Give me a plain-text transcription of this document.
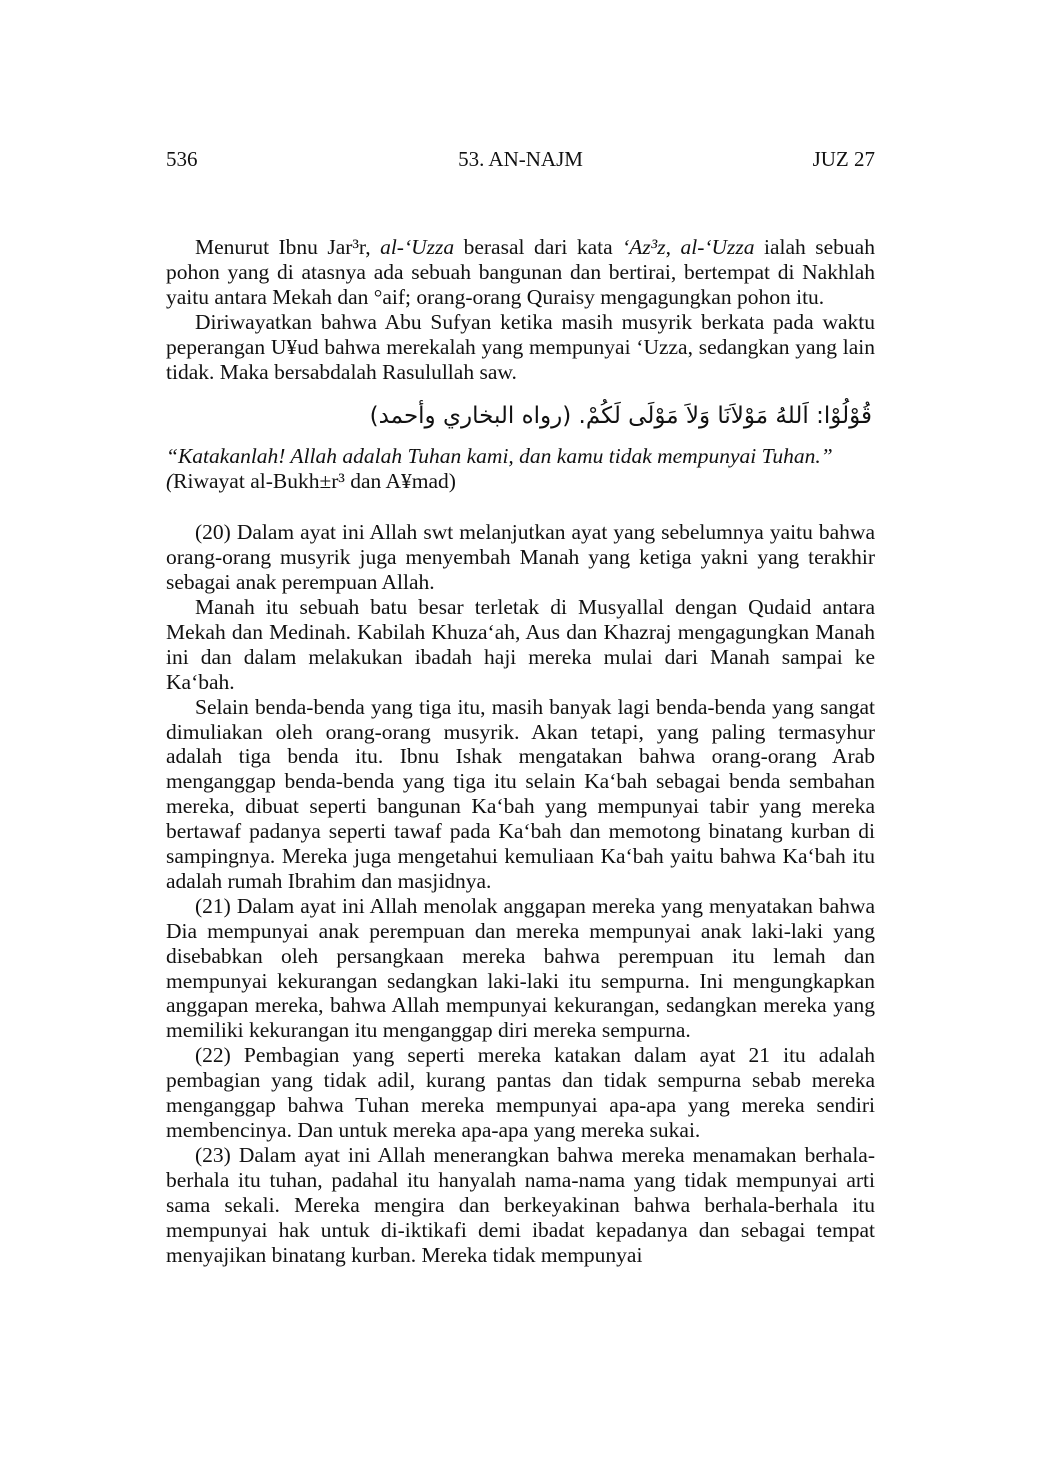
536	53. AN-NAJM	JUZ 27

Menurut Ibnu Jar³r, al-‘Uzza berasal dari kata ‘Az³z, al-‘Uzza ialah sebuah pohon yang di atasnya ada sebuah bangunan dan bertirai, bertempat di Nakhlah yaitu antara Mekah dan °aif; orang-orang Quraisy mengagungkan pohon itu.

Diriwayatkan bahwa Abu Sufyan ketika masih musyrik berkata pada waktu peperangan U¥ud bahwa merekalah yang mempunyai ‘Uzza, sedangkan yang lain tidak. Maka bersabdalah Rasulullah saw.

قُوْلُوْا: اَللهُ مَوْلاَنَا وَلاَ مَوْلَى لَكُمْ. (رواه البخاري وأحمد)

“Katakanlah! Allah adalah Tuhan kami, dan kamu tidak mempunyai Tuhan.”

(Riwayat al-Bukh±r³ dan A¥mad)

(20) Dalam ayat ini Allah swt melanjutkan ayat yang sebelumnya yaitu bahwa orang-orang musyrik juga menyembah Manah yang ketiga yakni yang terakhir sebagai anak perempuan Allah.

Manah itu sebuah batu besar terletak di Musyallal dengan Qudaid antara Mekah dan Medinah. Kabilah Khuza‘ah, Aus dan Khazraj mengagungkan Manah ini dan dalam melakukan ibadah haji mereka mulai dari Manah sampai ke Ka‘bah.

Selain benda-benda yang tiga itu, masih banyak lagi benda-benda yang sangat dimuliakan oleh orang-orang musyrik. Akan tetapi, yang paling termasyhur adalah tiga benda itu. Ibnu Ishak mengatakan bahwa orang-orang Arab menganggap benda-benda yang tiga itu selain Ka‘bah sebagai benda sembahan mereka, dibuat seperti bangunan Ka‘bah yang mempunyai tabir yang mereka bertawaf padanya seperti tawaf pada Ka‘bah dan memotong binatang kurban di sampingnya. Mereka juga mengetahui kemuliaan Ka‘bah yaitu bahwa Ka‘bah itu adalah rumah Ibrahim dan masjidnya.

(21) Dalam ayat ini Allah menolak anggapan mereka yang menyatakan bahwa Dia mempunyai anak perempuan dan mereka mempunyai anak laki-laki yang disebabkan oleh persangkaan mereka bahwa perempuan itu lemah dan mempunyai kekurangan sedangkan laki-laki itu sempurna. Ini mengungkapkan anggapan mereka, bahwa Allah mempunyai kekurangan, sedangkan mereka yang memiliki kekurangan itu menganggap diri mereka sempurna.

(22) Pembagian yang seperti mereka katakan dalam ayat 21 itu adalah pembagian yang tidak adil, kurang pantas dan tidak sempurna sebab mereka menganggap bahwa Tuhan mereka mempunyai apa-apa yang mereka sendiri membencinya. Dan untuk mereka apa-apa yang mereka sukai.

(23) Dalam ayat ini Allah menerangkan bahwa mereka menamakan berhala-berhala itu tuhan, padahal itu hanyalah nama-nama yang tidak mempunyai arti sama sekali. Mereka mengira dan berkeyakinan bahwa berhala-berhala itu mempunyai hak untuk di-iktikafi demi ibadat kepadanya dan sebagai tempat menyajikan binatang kurban. Mereka tidak mempunyai
